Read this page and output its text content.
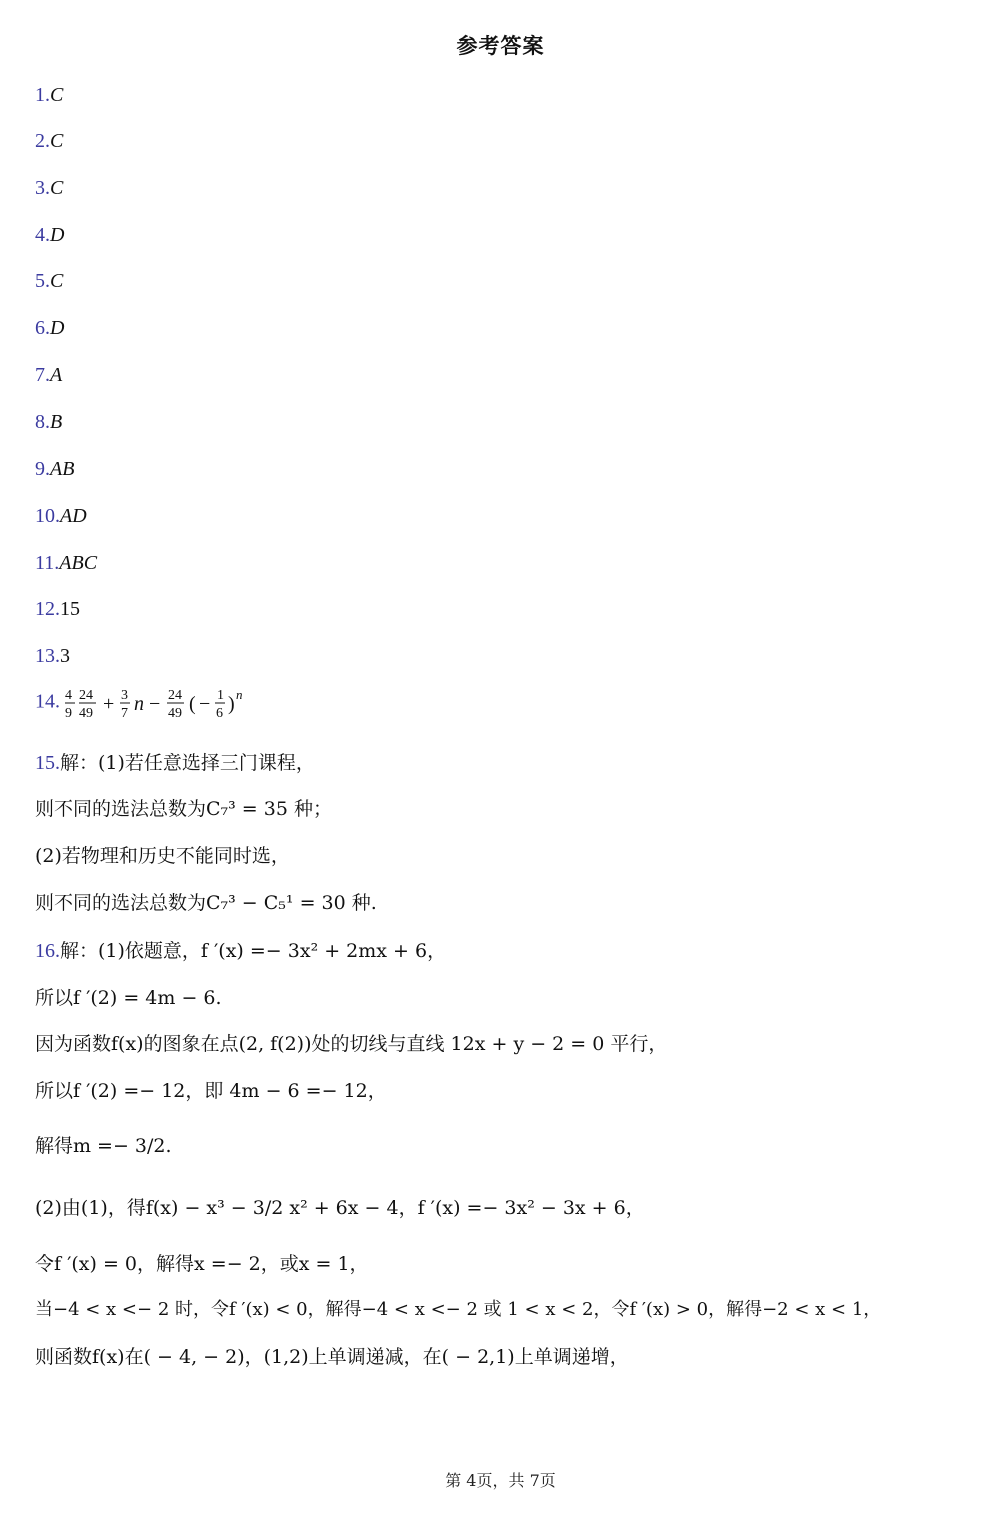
参考答案
1.C
2.C
3.C
4.D
5.C
6.D
7.A
8.B
9.AB
10.AD
11.ABC
12.15
13.3
14. 4
9
24
49 + 3
7 n − 24
49 ( − 1
6 ) n
15.解：(1)若任意选择三门课程，
则不同的选法总数为C₇³ = 35 种；
(2)若物理和历史不能同时选，
则不同的选法总数为C₇³ − C₅¹ = 30 种.
16.解：(1)依题意，f ′(x) =− 3x² + 2mx + 6，
所以f ′(2) = 4m − 6.
因为函数f(x)的图象在点(2, f(2))处的切线与直线 12x + y − 2 = 0 平行，
所以f ′(2) =− 12，即 4m − 6 =− 12，
解得m =− 3/2.
(2)由(1)，得f(x) − x³ − 3/2 x² + 6x − 4，f ′(x) =− 3x² − 3x + 6，
令f ′(x) = 0，解得x =− 2，或x = 1，
当−4 < x <− 2 时，令f ′(x) < 0，解得−4 < x <− 2 或 1 < x < 2，令f ′(x) > 0，解得−2 < x < 1，
则函数f(x)在( − 4, − 2)，(1,2)上单调递减，在( − 2,1)上单调递增，
第 4页，共 7页
